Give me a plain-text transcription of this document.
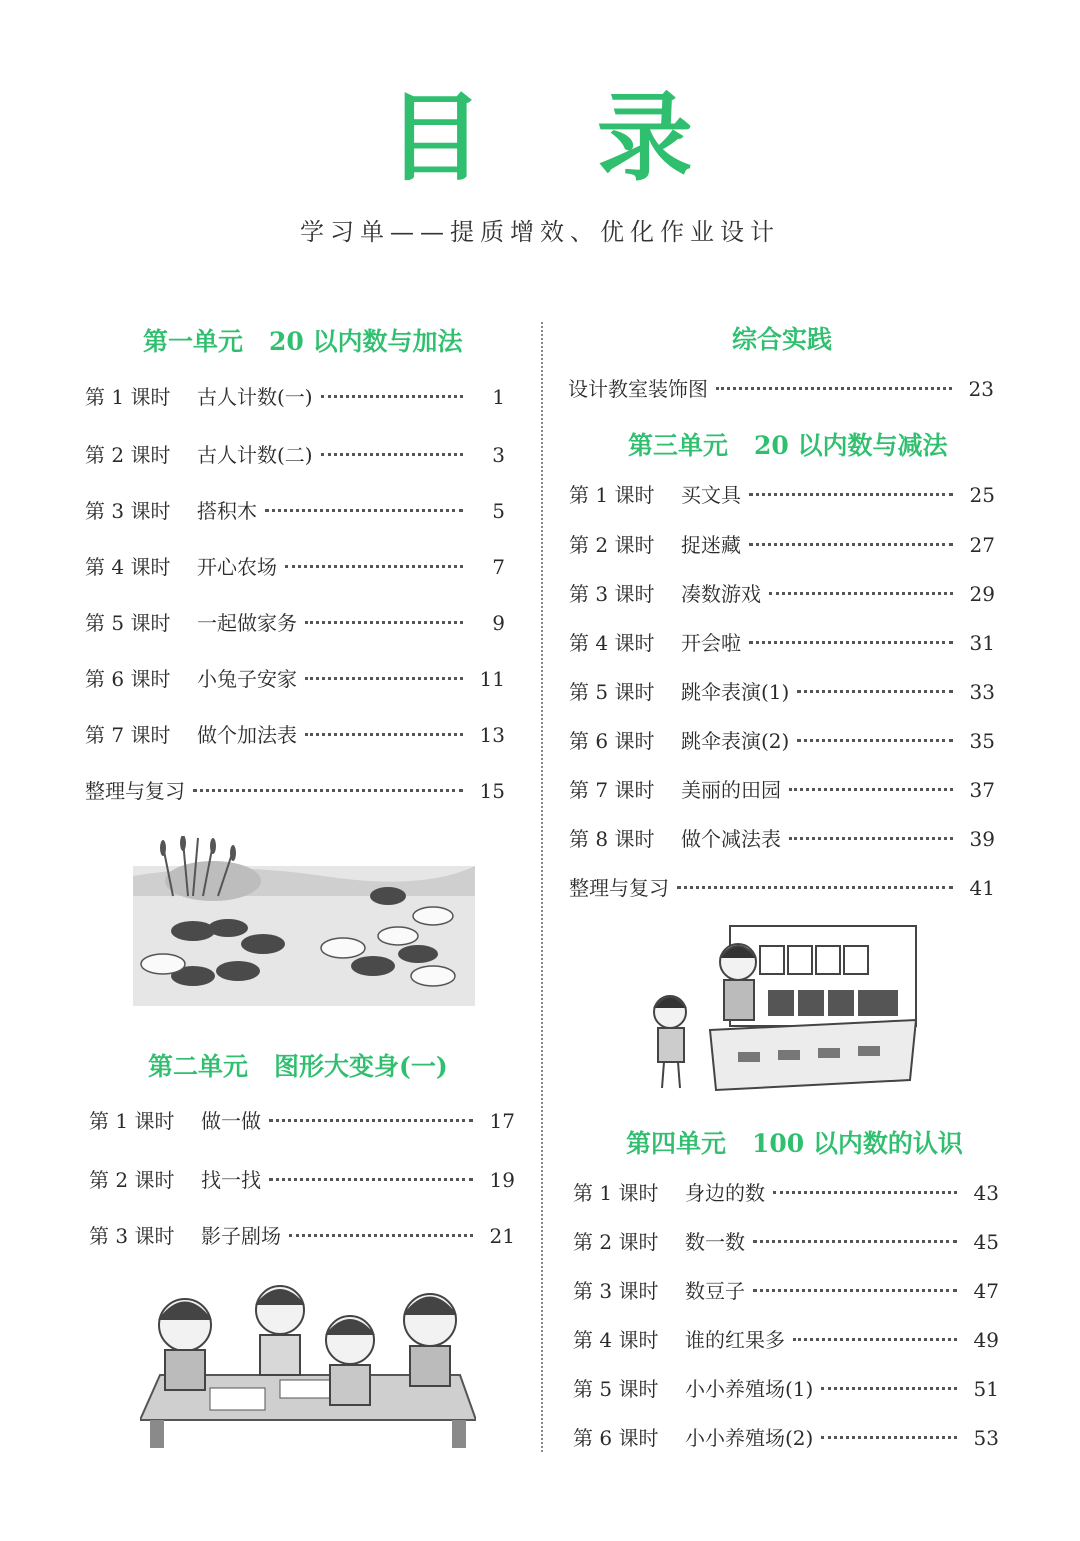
目 录
学习单——提质增效、优化作业设计
第一单元 20 以内数与加法
第 1 课时	古人计数(一)	1
第 2 课时	古人计数(二)	3
第 3 课时	搭积木	5
第 4 课时	开心农场	7
第 5 课时	一起做家务	9
第 6 课时	小兔子安家	11
第 7 课时	做个加法表	13
整理与复习	15
第二单元 图形大变身(一)
第 1 课时	做一做	17
第 2 课时	找一找	19
第 3 课时	影子剧场	21
综合实践
设计教室装饰图	23
第三单元 20 以内数与减法
第 1 课时	买文具	25
第 2 课时	捉迷藏	27
第 3 课时	凑数游戏	29
第 4 课时	开会啦	31
第 5 课时	跳伞表演(1)	33
第 6 课时	跳伞表演(2)	35
第 7 课时	美丽的田园	37
第 8 课时	做个减法表	39
整理与复习	41
第四单元 100 以内数的认识
第 1 课时	身边的数	43
第 2 课时	数一数	45
第 3 课时	数豆子	47
第 4 课时	谁的红果多	49
第 5 课时	小小养殖场(1)	51
第 6 课时	小小养殖场(2)	53
